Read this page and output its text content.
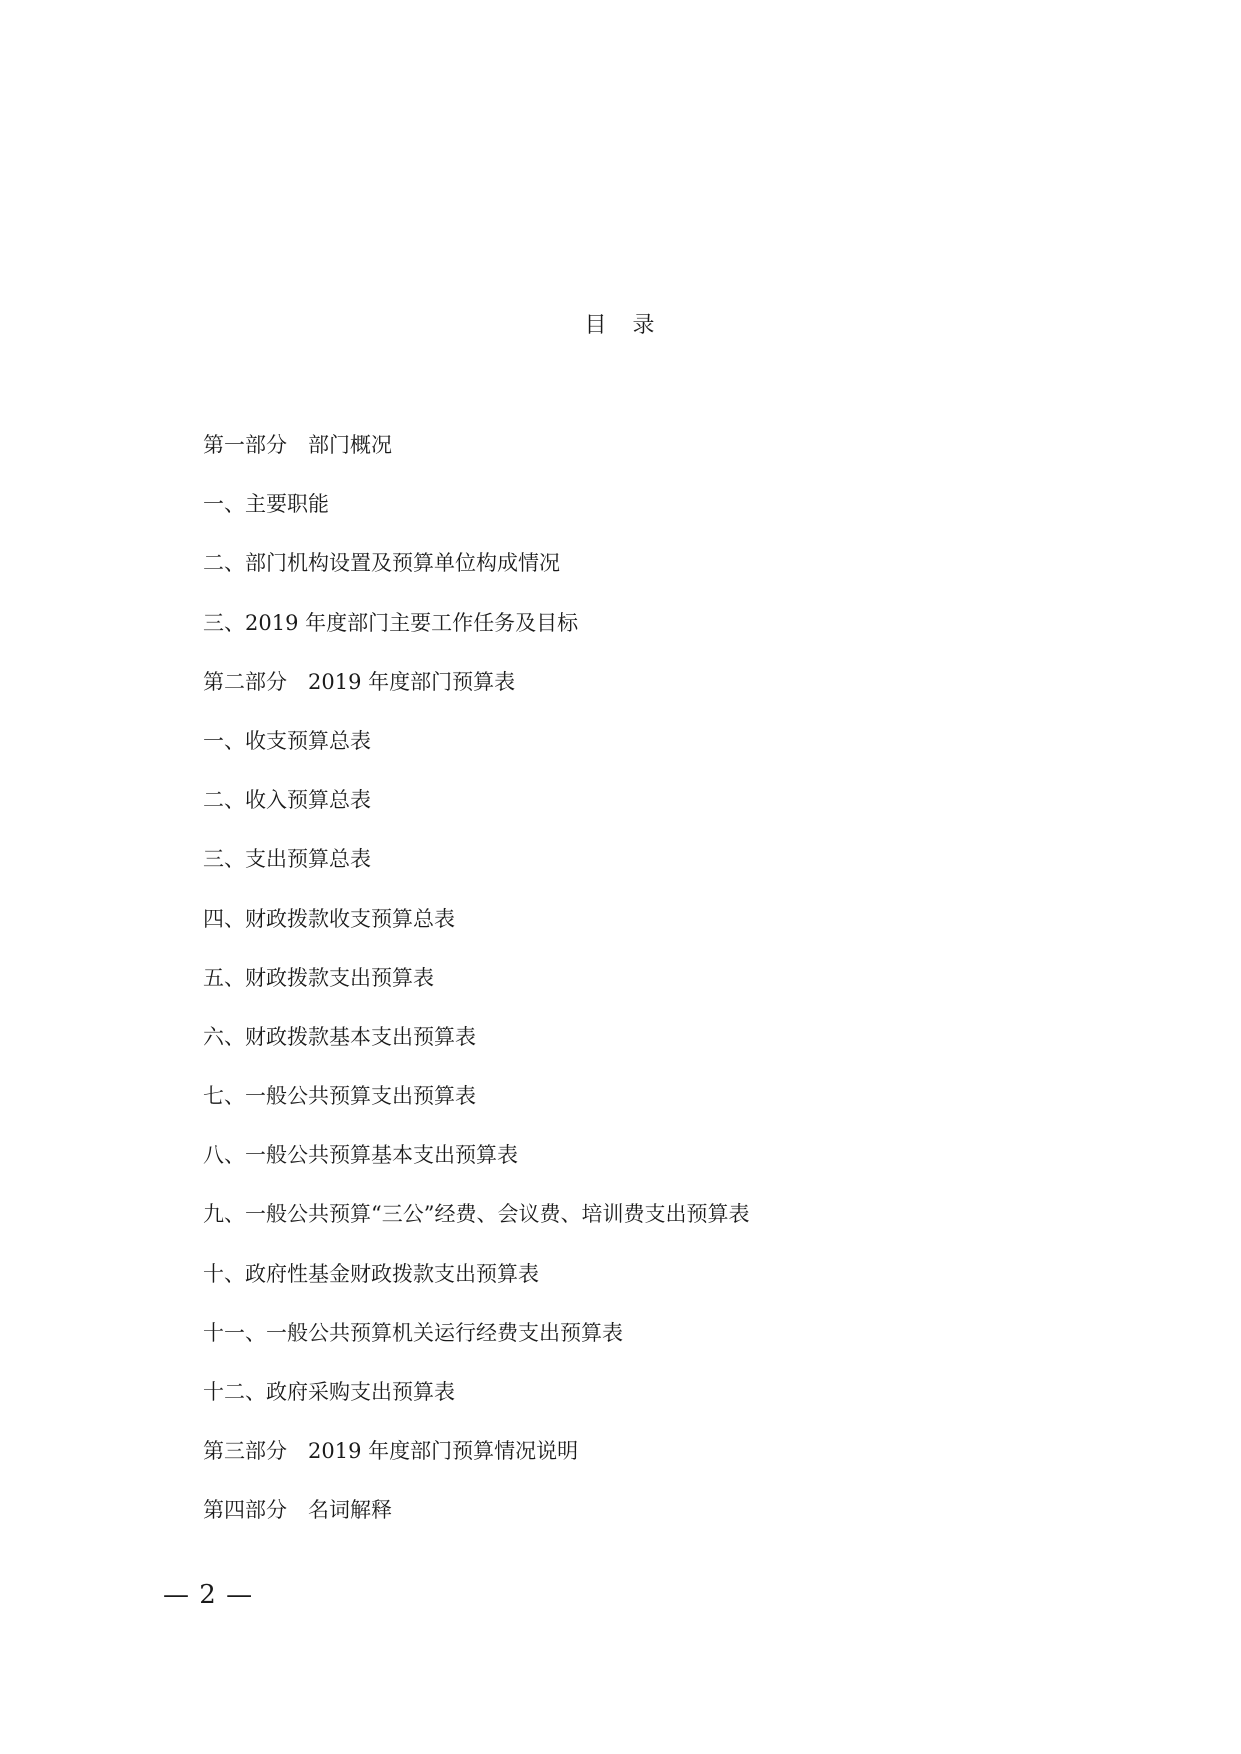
目　录
第一部分　部门概况
一、主要职能
二、部门机构设置及预算单位构成情况
三、2019 年度部门主要工作任务及目标
第二部分　2019 年度部门预算表
一、收支预算总表
二、收入预算总表
三、支出预算总表
四、财政拨款收支预算总表
五、财政拨款支出预算表
六、财政拨款基本支出预算表
七、一般公共预算支出预算表
八、一般公共预算基本支出预算表
九、一般公共预算“三公”经费、会议费、培训费支出预算表
十、政府性基金财政拨款支出预算表
十一、一般公共预算机关运行经费支出预算表
十二、政府采购支出预算表
第三部分　2019 年度部门预算情况说明
第四部分　名词解释
— 2 —
